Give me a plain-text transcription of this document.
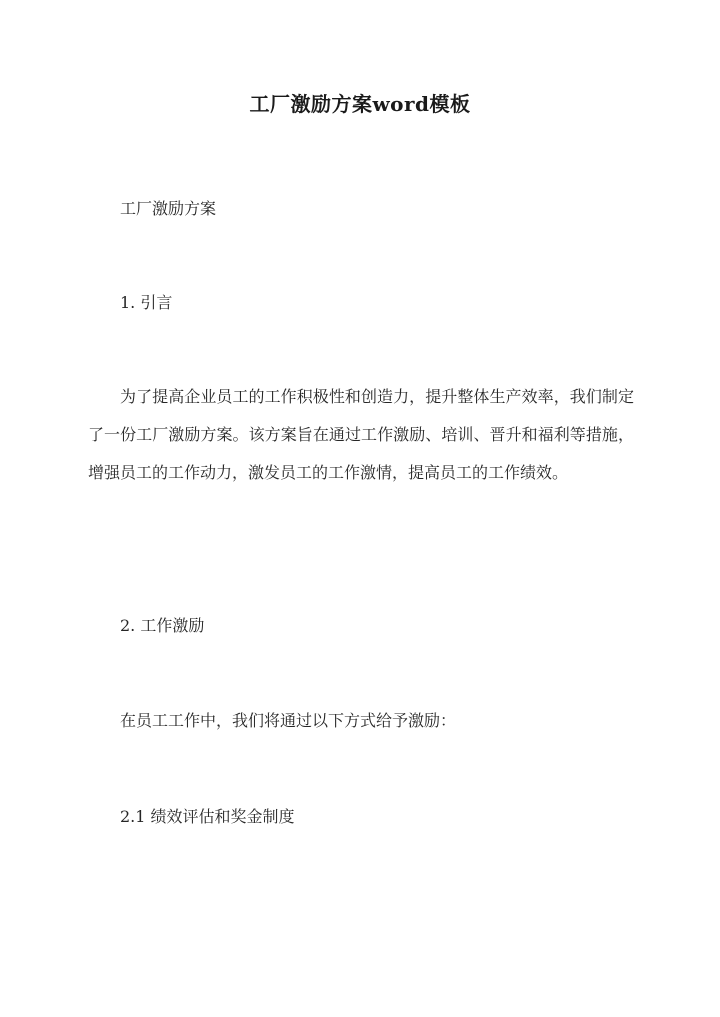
工厂激励方案word模板
工厂激励方案
1. 引言
为了提高企业员工的工作积极性和创造力，提升整体生产效率，我们制定了一份工厂激励方案。该方案旨在通过工作激励、培训、晋升和福利等措施，增强员工的工作动力，激发员工的工作激情，提高员工的工作绩效。
2. 工作激励
在员工工作中，我们将通过以下方式给予激励：
2.1 绩效评估和奖金制度
